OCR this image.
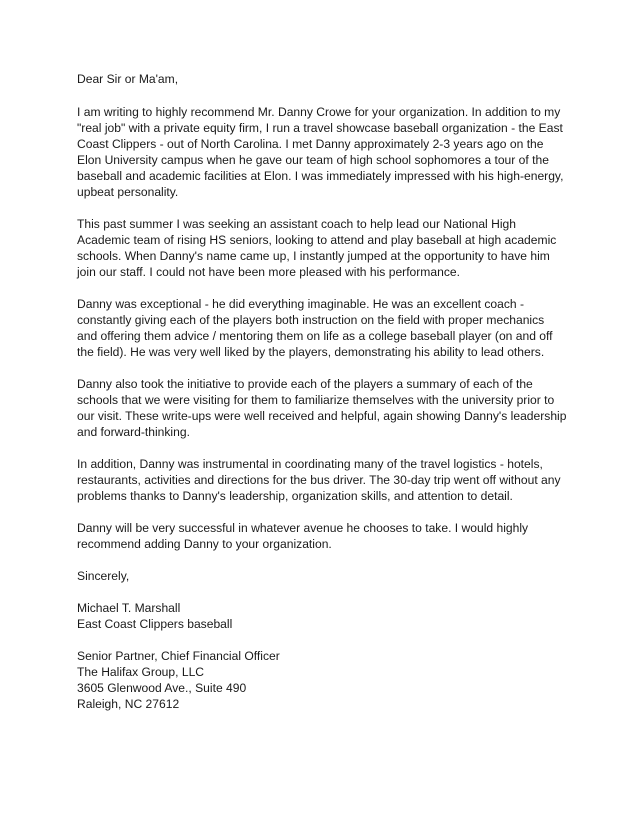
Dear Sir or Ma'am,

I am writing to highly recommend Mr. Danny Crowe for your organization. In addition to my "real job" with a private equity firm, I run a travel showcase baseball organization - the East Coast Clippers - out of North Carolina. I met Danny approximately 2-3 years ago on the Elon University campus when he gave our team of high school sophomores a tour of the baseball and academic facilities at Elon. I was immediately impressed with his high-energy, upbeat personality.

This past summer I was seeking an assistant coach to help lead our National High Academic team of rising HS seniors, looking to attend and play baseball at high academic schools. When Danny's name came up, I instantly jumped at the opportunity to have him join our staff. I could not have been more pleased with his performance.

Danny was exceptional - he did everything imaginable. He was an excellent coach - constantly giving each of the players both instruction on the field with proper mechanics and offering them advice / mentoring them on life as a college baseball player (on and off the field). He was very well liked by the players, demonstrating his ability to lead others.

Danny also took the initiative to provide each of the players a summary of each of the schools that we were visiting for them to familiarize themselves with the university prior to our visit. These write-ups were well received and helpful, again showing Danny's leadership and forward-thinking.

In addition, Danny was instrumental in coordinating many of the travel logistics - hotels, restaurants, activities and directions for the bus driver. The 30-day trip went off without any problems thanks to Danny's leadership, organization skills, and attention to detail.

Danny will be very successful in whatever avenue he chooses to take. I would highly recommend adding Danny to your organization.

Sincerely,

Michael T. Marshall
East Coast Clippers baseball
Senior Partner, Chief Financial Officer
The Halifax Group, LLC
3605 Glenwood Ave., Suite 490
Raleigh, NC 27612
